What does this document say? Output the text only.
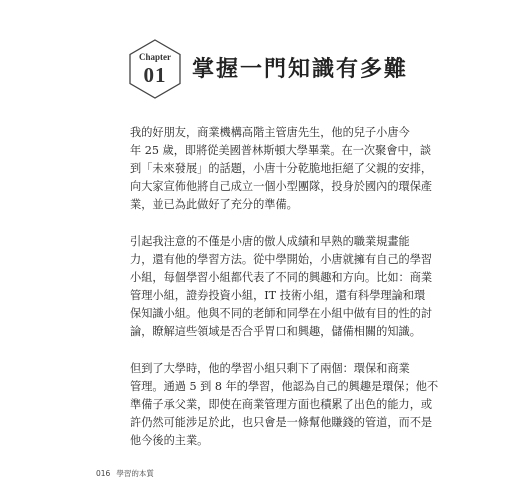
Chapter
01	掌握一門知識有多難
我的好朋友，商業機構高階主管唐先生，他的兒子小唐今
年 25 歲，即將從美國普林斯頓大學畢業。在一次聚會中，談
到「未來發展」的話題，小唐十分乾脆地拒絕了父親的安排，
向大家宣佈他將自己成立一個小型團隊，投身於國內的環保產
業，並已為此做好了充分的準備。
引起我注意的不僅是小唐的傲人成績和早熟的職業規畫能
力，還有他的學習方法。從中學開始，小唐就擁有自己的學習
小組，每個學習小組都代表了不同的興趣和方向。比如：商業
管理小組，證券投資小組，IT 技術小組，還有科學理論和環
保知識小組。他與不同的老師和同學在小組中做有目的性的討
論，瞭解這些領域是否合乎胃口和興趣，儲備相關的知識。
但到了大學時，他的學習小組只剩下了兩個：環保和商業
管理。通過 5 到 8 年的學習，他認為自己的興趣是環保；他不
準備子承父業，即使在商業管理方面也積累了出色的能力，或
許仍然可能涉足於此，也只會是一條幫他賺錢的管道，而不是
他今後的主業。
016 學習的本質
